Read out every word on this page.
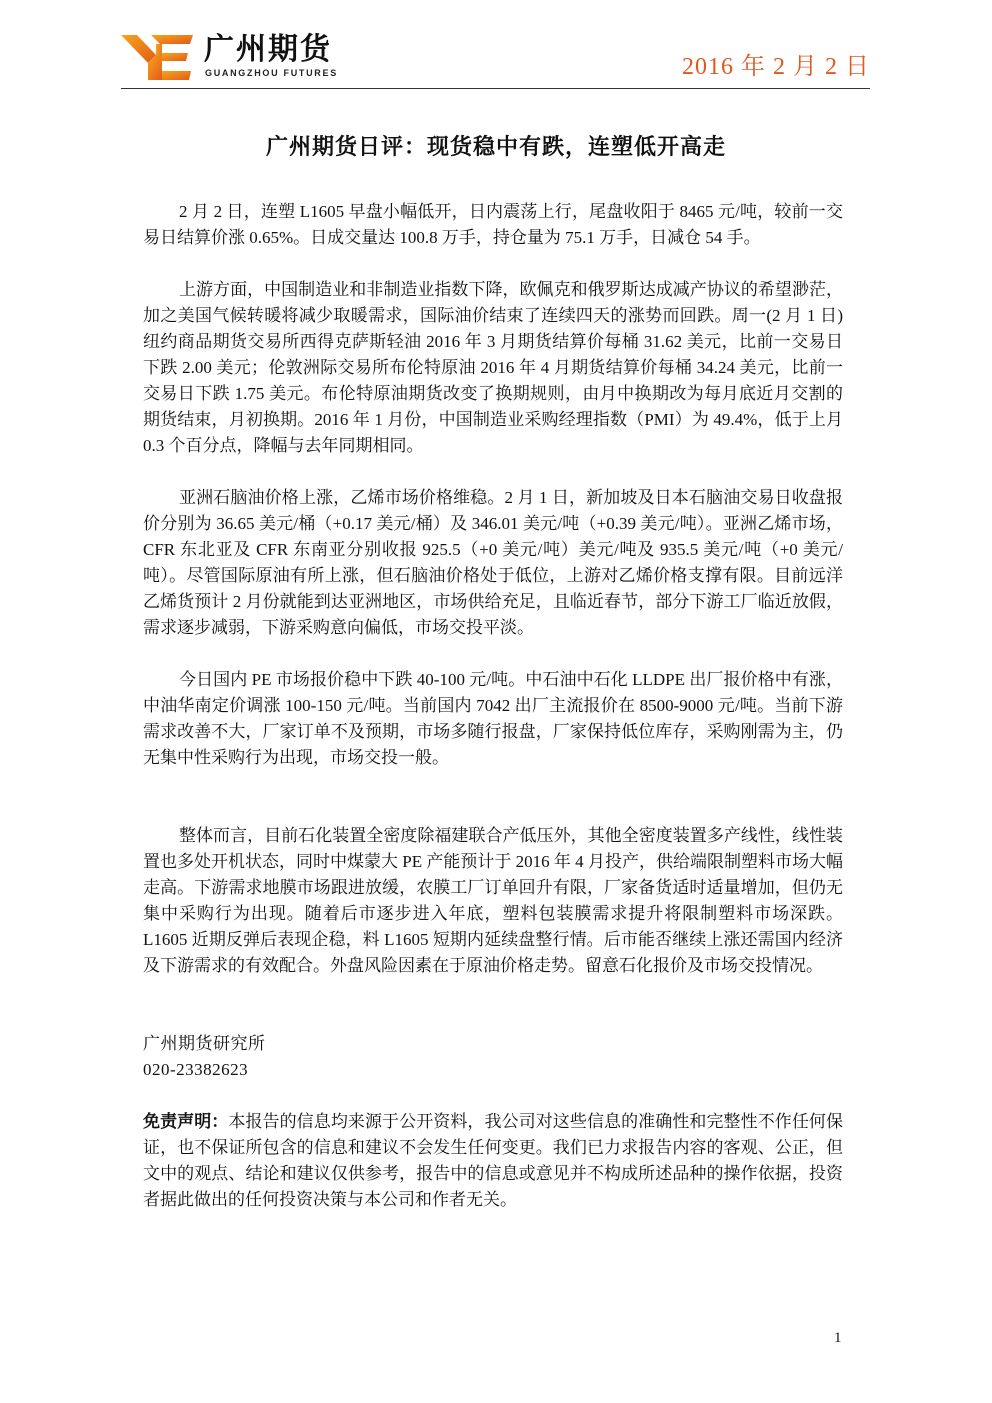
广州期货
GUANGZHOU FUTURES	2016 年 2 月 2 日
广州期货日评：现货稳中有跌，连塑低开高走

2 月 2 日，连塑 L1605 早盘小幅低开，日内震荡上行，尾盘收阳于 8465 元/吨，较前一交易日结算价涨 0.65%。日成交量达 100.8 万手，持仓量为 75.1 万手，日减仓 54 手。

上游方面，中国制造业和非制造业指数下降，欧佩克和俄罗斯达成减产协议的希望渺茫，加之美国气候转暖将减少取暖需求，国际油价结束了连续四天的涨势而回跌。周一(2 月 1 日)纽约商品期货交易所西得克萨斯轻油 2016 年 3 月期货结算价每桶 31.62 美元，比前一交易日下跌 2.00 美元；伦敦洲际交易所布伦特原油 2016 年 4 月期货结算价每桶 34.24 美元，比前一交易日下跌 1.75 美元。布伦特原油期货改变了换期规则，由月中换期改为每月底近月交割的期货结束，月初换期。2016 年 1 月份，中国制造业采购经理指数（PMI）为 49.4%，低于上月 0.3 个百分点，降幅与去年同期相同。

亚洲石脑油价格上涨，乙烯市场价格维稳。2 月 1 日，新加坡及日本石脑油交易日收盘报价分别为 36.65 美元/桶（+0.17 美元/桶）及 346.01 美元/吨（+0.39 美元/吨）。亚洲乙烯市场，CFR 东北亚及 CFR 东南亚分别收报 925.5（+0 美元/吨）美元/吨及 935.5 美元/吨（+0 美元/吨）。尽管国际原油有所上涨，但石脑油价格处于低位，上游对乙烯价格支撑有限。目前远洋乙烯货预计 2 月份就能到达亚洲地区，市场供给充足，且临近春节，部分下游工厂临近放假，需求逐步减弱，下游采购意向偏低，市场交投平淡。

今日国内 PE 市场报价稳中下跌 40-100 元/吨。中石油中石化 LLDPE 出厂报价格中有涨，中油华南定价调涨 100-150 元/吨。当前国内 7042 出厂主流报价在 8500-9000 元/吨。当前下游需求改善不大，厂家订单不及预期，市场多随行报盘，厂家保持低位库存，采购刚需为主，仍无集中性采购行为出现，市场交投一般。

整体而言，目前石化装置全密度除福建联合产低压外，其他全密度装置多产线性，线性装置也多处开机状态，同时中煤蒙大 PE 产能预计于 2016 年 4 月投产，供给端限制塑料市场大幅走高。下游需求地膜市场跟进放缓，农膜工厂订单回升有限，厂家备货适时适量增加，但仍无集中采购行为出现。随着后市逐步进入年底，塑料包装膜需求提升将限制塑料市场深跌。L1605 近期反弹后表现企稳，料 L1605 短期内延续盘整行情。后市能否继续上涨还需国内经济及下游需求的有效配合。外盘风险因素在于原油价格走势。留意石化报价及市场交投情况。

广州期货研究所
020-23382623

免责声明：本报告的信息均来源于公开资料，我公司对这些信息的准确性和完整性不作任何保证，也不保证所包含的信息和建议不会发生任何变更。我们已力求报告内容的客观、公正，但文中的观点、结论和建议仅供参考，报告中的信息或意见并不构成所述品种的操作依据，投资者据此做出的任何投资决策与本公司和作者无关。

1
